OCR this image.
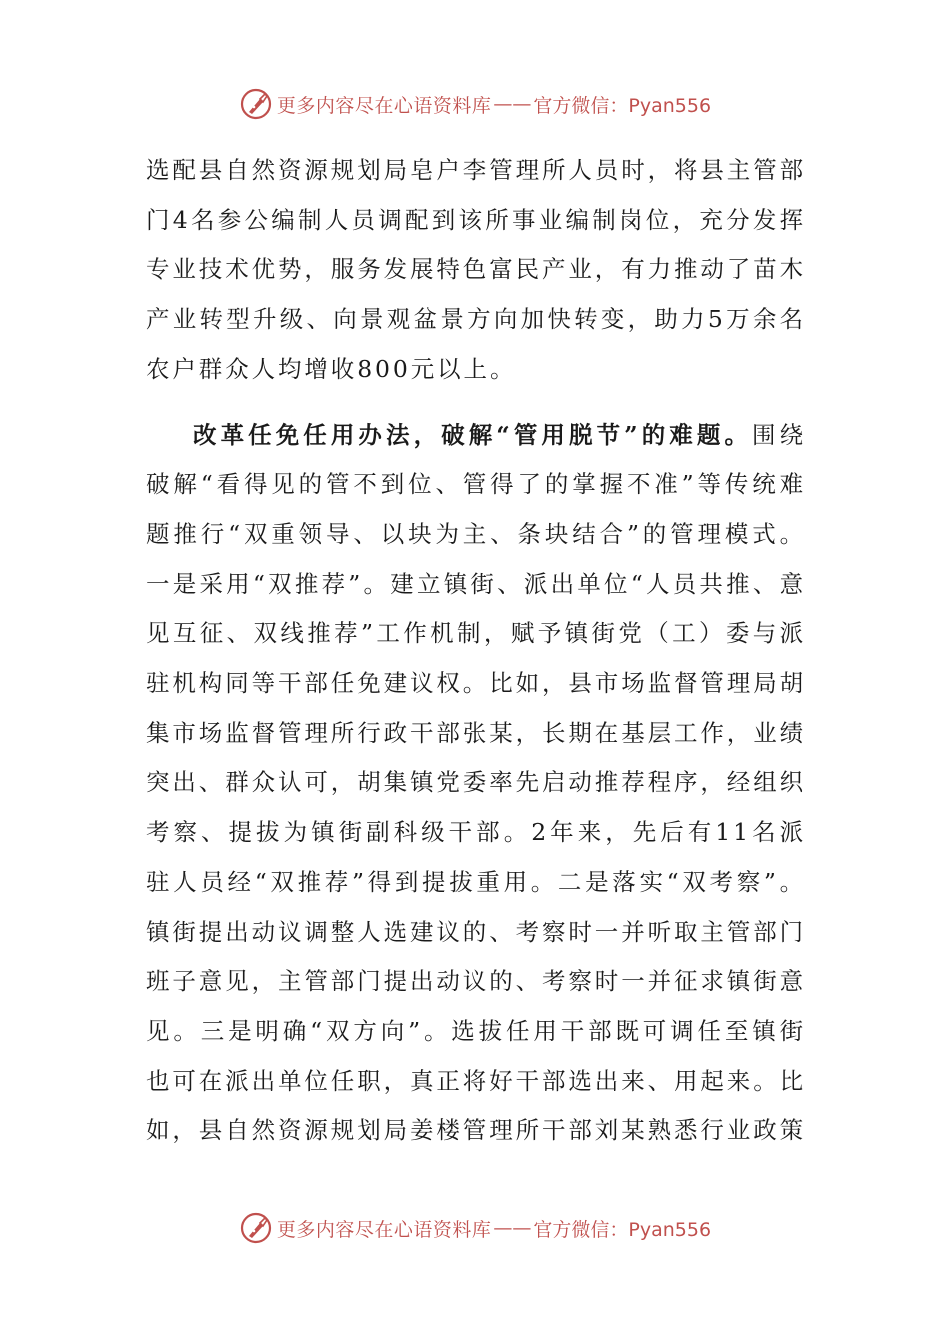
更多内容尽在心语资料库 —— 官方微信：Pyan556

选配县自然资源规划局皂户李管理所人员时，将县主管部门4名参公编制人员调配到该所事业编制岗位，充分发挥专业技术优势，服务发展特色富民产业，有力推动了苗木产业转型升级、向景观盆景方向加快转变，助力5万余名农户群众人均增收800元以上。

改革任免任用办法，破解“管用脱节”的难题。围绕破解“看得见的管不到位、管得了的掌握不准”等传统难题推行“双重领导、以块为主、条块结合”的管理模式。一是采用“双推荐”。建立镇街、派出单位“人员共推、意见互征、双线推荐”工作机制，赋予镇街党（工）委与派驻机构同等干部任免建议权。比如，县市场监督管理局胡集市场监督管理所行政干部张某，长期在基层工作，业绩突出、群众认可，胡集镇党委率先启动推荐程序，经组织考察、提拔为镇街副科级干部。2年来，先后有11名派驻人员经“双推荐”得到提拔重用。二是落实“双考察”。镇街提出动议调整人选建议的、考察时一并听取主管部门班子意见，主管部门提出动议的、考察时一并征求镇街意见。三是明确“双方向”。选拔任用干部既可调任至镇街也可在派出单位任职，真正将好干部选出来、用起来。比如，县自然资源规划局姜楼管理所干部刘某熟悉行业政策

更多内容尽在心语资料库 —— 官方微信：Pyan556
